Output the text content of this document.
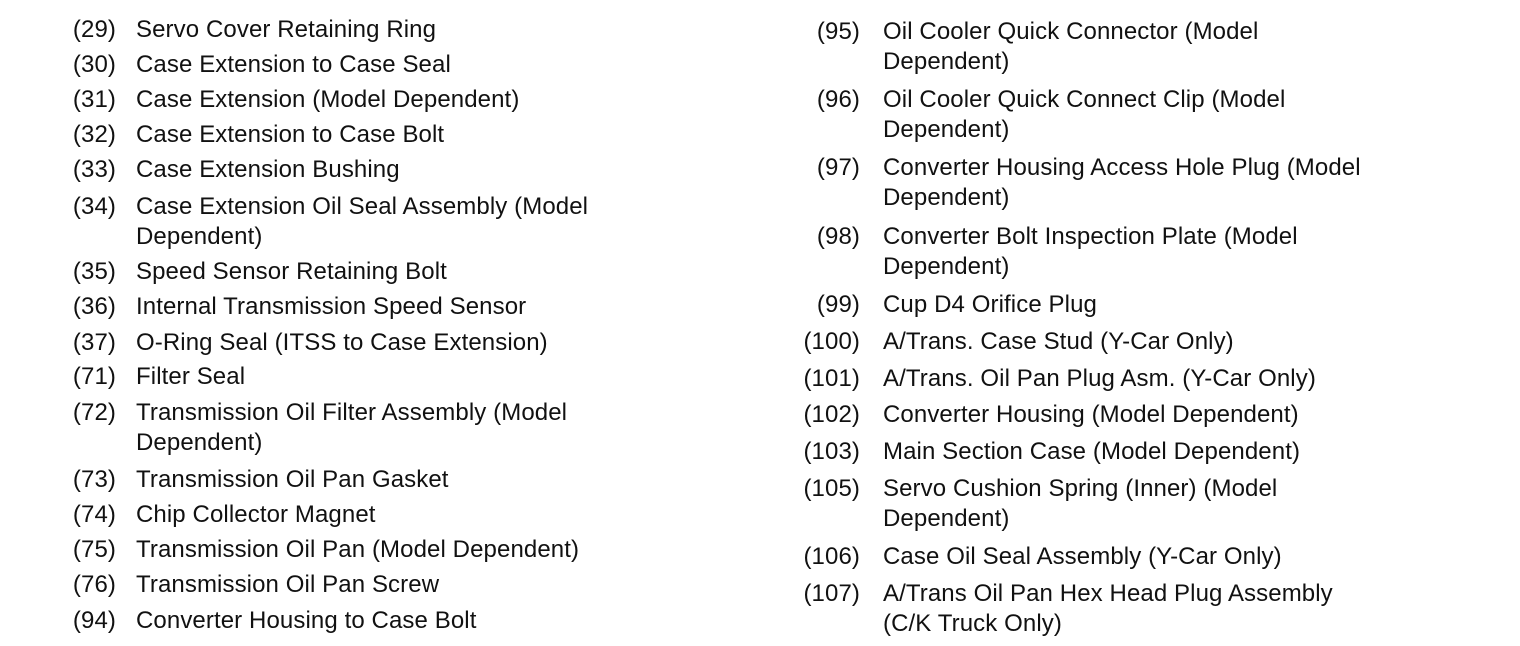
(29) Servo Cover Retaining Ring
(30) Case Extension to Case Seal
(31) Case Extension (Model Dependent)
(32) Case Extension to Case Bolt
(33) Case Extension Bushing
(34) Case Extension Oil Seal Assembly (Model
Dependent)
(35) Speed Sensor Retaining Bolt
(36) Internal Transmission Speed Sensor
(37) O-Ring Seal (ITSS to Case Extension)
(71) Filter Seal
(72) Transmission Oil Filter Assembly (Model
Dependent)
(73) Transmission Oil Pan Gasket
(74) Chip Collector Magnet
(75) Transmission Oil Pan (Model Dependent)
(76) Transmission Oil Pan Screw
(94) Converter Housing to Case Bolt
(95) Oil Cooler Quick Connector (Model
Dependent)
(96) Oil Cooler Quick Connect Clip (Model
Dependent)
(97) Converter Housing Access Hole Plug (Model
Dependent)
(98) Converter Bolt Inspection Plate (Model
Dependent)
(99) Cup D4 Orifice Plug
(100) A/Trans. Case Stud (Y-Car Only)
(101) A/Trans. Oil Pan Plug Asm. (Y-Car Only)
(102) Converter Housing (Model Dependent)
(103) Main Section Case (Model Dependent)
(105) Servo Cushion Spring (Inner) (Model
Dependent)
(106) Case Oil Seal Assembly (Y-Car Only)
(107) A/Trans Oil Pan Hex Head Plug Assembly
(C/K Truck Only)
